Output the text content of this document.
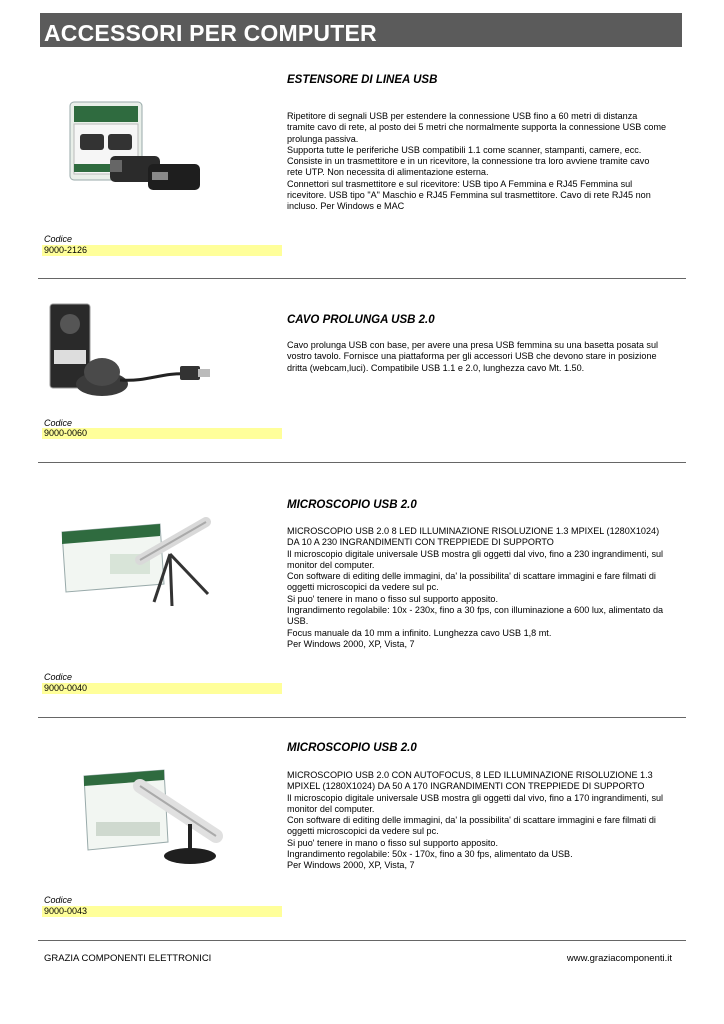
ACCESSORI PER COMPUTER
ESTENSORE DI LINEA USB
Ripetitore di segnali USB per estendere la connessione USB fino a 60 metri di distanza tramite cavo di rete, al posto dei 5 metri che normalmente supporta la connessione USB come prolunga passiva.
Supporta tutte le periferiche USB compatibili 1.1 come scanner, stampanti, camere, ecc.
Consiste in un trasmettitore e in un ricevitore, la connessione tra loro avviene tramite cavo rete UTP. Non necessita di alimentazione esterna.
Connettori sul trasmettitore e sul ricevitore: USB tipo A Femmina e RJ45 Femmina sul ricevitore. USB tipo "A" Maschio e RJ45 Femmina sul trasmettitore. Cavo di rete RJ45 non incluso. Per Windows e MAC
Codice
9000-2126
CAVO PROLUNGA USB 2.0
Cavo prolunga USB con base, per avere una presa USB femmina su una basetta posata sul vostro tavolo. Fornisce una piattaforma per gli accessori USB che devono stare in posizione dritta (webcam,luci). Compatibile USB 1.1 e 2.0, lunghezza cavo Mt. 1.50.
Codice
9000-0060
MICROSCOPIO USB 2.0
MICROSCOPIO USB 2.0 8 LED ILLUMINAZIONE RISOLUZIONE 1.3 MPIXEL (1280X1024) DA 10 A 230 INGRANDIMENTI CON TREPPIEDE DI SUPPORTO
Il microscopio digitale universale USB mostra gli oggetti dal vivo, fino a 230 ingrandimenti, sul monitor del computer.
Con software di editing delle immagini, da' la possibilita' di scattare immagini e fare filmati di oggetti microscopici da vedere sul pc.
Si puo' tenere in mano o fisso sul supporto apposito.
Ingrandimento regolabile: 10x - 230x, fino a 30 fps, con illuminazione a 600 lux, alimentato da USB.
Focus manuale da 10 mm a infinito. Lunghezza cavo USB 1,8 mt.
Per Windows 2000, XP, Vista, 7
Codice
9000-0040
MICROSCOPIO USB 2.0
MICROSCOPIO USB 2.0 CON AUTOFOCUS, 8 LED ILLUMINAZIONE RISOLUZIONE 1.3 MPIXEL (1280X1024) DA 50 A 170 INGRANDIMENTI CON TREPPIEDE DI SUPPORTO
Il microscopio digitale universale USB mostra gli oggetti dal vivo, fino a 170 ingrandimenti, sul monitor del computer.
Con software di editing delle immagini, da' la possibilita' di scattare immagini e fare filmati di oggetti microscopici da vedere sul pc.
Si puo' tenere in mano o fisso sul supporto apposito.
Ingrandimento regolabile: 50x - 170x, fino a 30 fps, alimentato da USB.
Per Windows 2000, XP, Vista, 7
Codice
9000-0043
GRAZIA COMPONENTI ELETTRONICI	www.graziacomponenti.it
